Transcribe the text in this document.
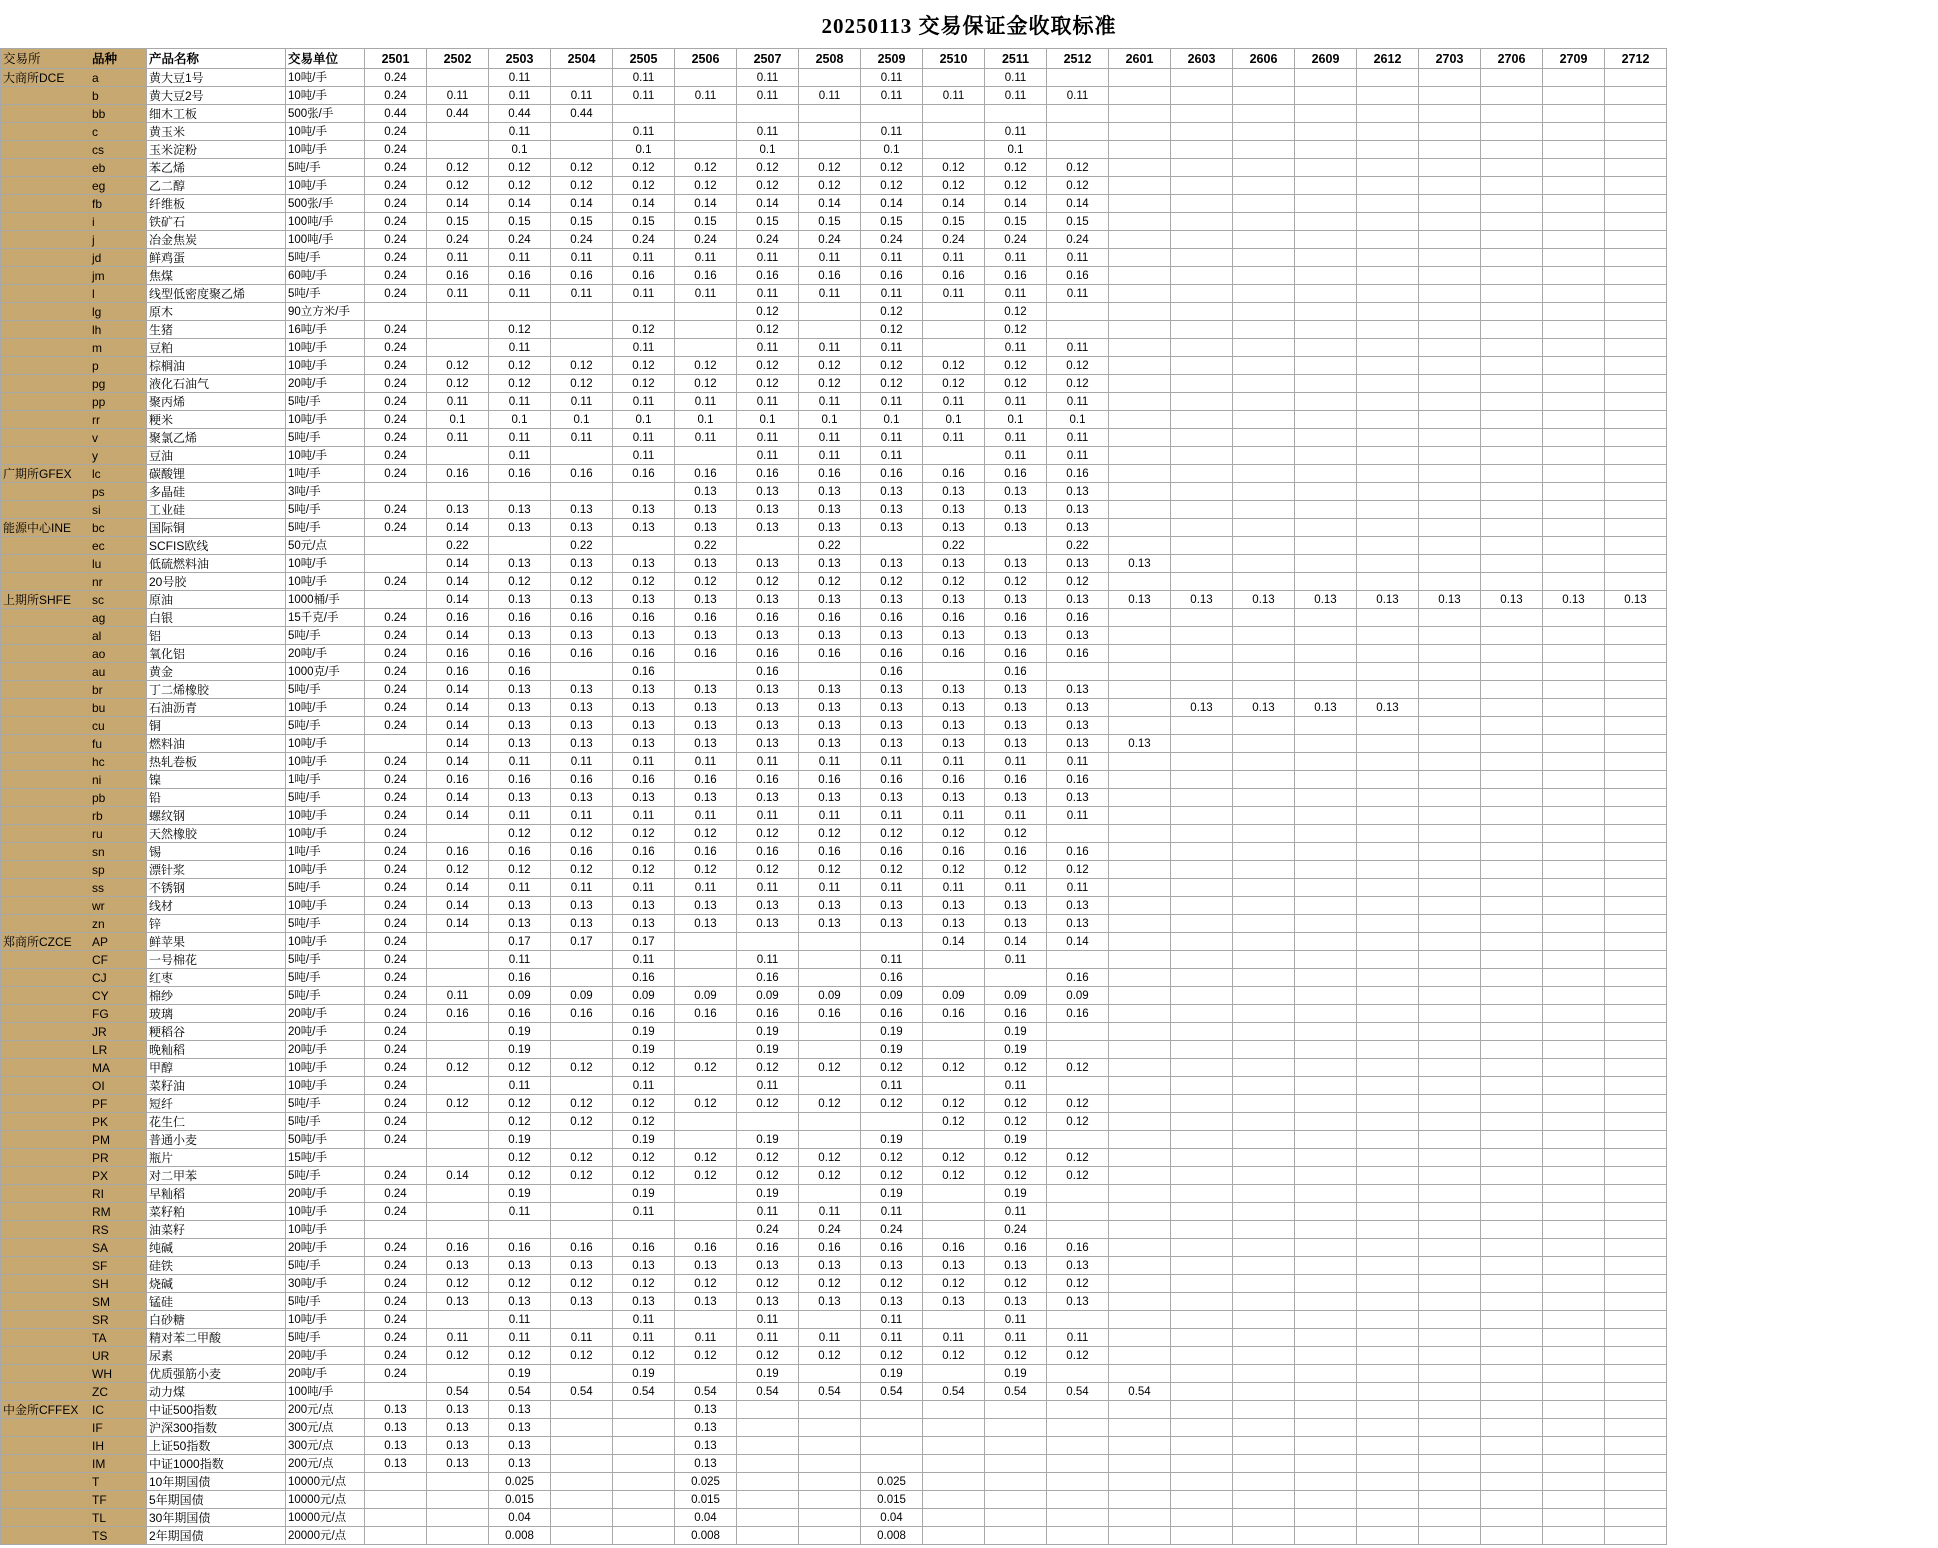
20250113 交易保证金收取标准
交易所	品种	产品名称	交易单位	2501	2502	2503	2504	2505	2506	2507	2508	2509	2510	2511	2512	2601	2603	2606	2609	2612	2703	2706	2709	2712
大商所DCE	a	黄大豆1号	10吨/手	0.24		0.11		0.11		0.11		0.11		0.11										
	b	黄大豆2号	10吨/手	0.24	0.11	0.11	0.11	0.11	0.11	0.11	0.11	0.11	0.11	0.11	0.11									
	bb	细木工板	500张/手	0.44	0.44	0.44	0.44																	
	c	黄玉米	10吨/手	0.24		0.11		0.11		0.11		0.11		0.11										
	cs	玉米淀粉	10吨/手	0.24		0.1		0.1		0.1		0.1		0.1										
	eb	苯乙烯	5吨/手	0.24	0.12	0.12	0.12	0.12	0.12	0.12	0.12	0.12	0.12	0.12	0.12									
	eg	乙二醇	10吨/手	0.24	0.12	0.12	0.12	0.12	0.12	0.12	0.12	0.12	0.12	0.12	0.12									
	fb	纤维板	500张/手	0.24	0.14	0.14	0.14	0.14	0.14	0.14	0.14	0.14	0.14	0.14	0.14									
	i	铁矿石	100吨/手	0.24	0.15	0.15	0.15	0.15	0.15	0.15	0.15	0.15	0.15	0.15	0.15									
	j	冶金焦炭	100吨/手	0.24	0.24	0.24	0.24	0.24	0.24	0.24	0.24	0.24	0.24	0.24	0.24									
	jd	鲜鸡蛋	5吨/手	0.24	0.11	0.11	0.11	0.11	0.11	0.11	0.11	0.11	0.11	0.11	0.11									
	jm	焦煤	60吨/手	0.24	0.16	0.16	0.16	0.16	0.16	0.16	0.16	0.16	0.16	0.16	0.16									
	l	线型低密度聚乙烯	5吨/手	0.24	0.11	0.11	0.11	0.11	0.11	0.11	0.11	0.11	0.11	0.11	0.11									
	lg	原木	90立方米/手							0.12		0.12		0.12										
	lh	生猪	16吨/手	0.24		0.12		0.12		0.12		0.12		0.12										
	m	豆粕	10吨/手	0.24		0.11		0.11		0.11	0.11	0.11		0.11	0.11									
	p	棕榈油	10吨/手	0.24	0.12	0.12	0.12	0.12	0.12	0.12	0.12	0.12	0.12	0.12	0.12									
	pg	液化石油气	20吨/手	0.24	0.12	0.12	0.12	0.12	0.12	0.12	0.12	0.12	0.12	0.12	0.12									
	pp	聚丙烯	5吨/手	0.24	0.11	0.11	0.11	0.11	0.11	0.11	0.11	0.11	0.11	0.11	0.11									
	rr	粳米	10吨/手	0.24	0.1	0.1	0.1	0.1	0.1	0.1	0.1	0.1	0.1	0.1	0.1									
	v	聚氯乙烯	5吨/手	0.24	0.11	0.11	0.11	0.11	0.11	0.11	0.11	0.11	0.11	0.11	0.11									
	y	豆油	10吨/手	0.24		0.11		0.11		0.11	0.11	0.11		0.11	0.11									
广期所GFEX	lc	碳酸锂	1吨/手	0.24	0.16	0.16	0.16	0.16	0.16	0.16	0.16	0.16	0.16	0.16	0.16									
	ps	多晶硅	3吨/手						0.13	0.13	0.13	0.13	0.13	0.13	0.13									
	si	工业硅	5吨/手	0.24	0.13	0.13	0.13	0.13	0.13	0.13	0.13	0.13	0.13	0.13	0.13									
能源中心INE	bc	国际铜	5吨/手	0.24	0.14	0.13	0.13	0.13	0.13	0.13	0.13	0.13	0.13	0.13	0.13									
	ec	SCFIS欧线	50元/点		0.22		0.22		0.22		0.22		0.22		0.22									
	lu	低硫燃料油	10吨/手		0.14	0.13	0.13	0.13	0.13	0.13	0.13	0.13	0.13	0.13	0.13	0.13								
	nr	20号胶	10吨/手	0.24	0.14	0.12	0.12	0.12	0.12	0.12	0.12	0.12	0.12	0.12	0.12									
上期所SHFE	sc	原油	1000桶/手		0.14	0.13	0.13	0.13	0.13	0.13	0.13	0.13	0.13	0.13	0.13	0.13	0.13	0.13	0.13	0.13	0.13	0.13	0.13	0.13
	ag	白银	15千克/手	0.24	0.16	0.16	0.16	0.16	0.16	0.16	0.16	0.16	0.16	0.16	0.16									
	al	铝	5吨/手	0.24	0.14	0.13	0.13	0.13	0.13	0.13	0.13	0.13	0.13	0.13	0.13									
	ao	氧化铝	20吨/手	0.24	0.16	0.16	0.16	0.16	0.16	0.16	0.16	0.16	0.16	0.16	0.16									
	au	黄金	1000克/手	0.24	0.16	0.16		0.16		0.16		0.16		0.16										
	br	丁二烯橡胶	5吨/手	0.24	0.14	0.13	0.13	0.13	0.13	0.13	0.13	0.13	0.13	0.13	0.13									
	bu	石油沥青	10吨/手	0.24	0.14	0.13	0.13	0.13	0.13	0.13	0.13	0.13	0.13	0.13	0.13		0.13	0.13	0.13	0.13				
	cu	铜	5吨/手	0.24	0.14	0.13	0.13	0.13	0.13	0.13	0.13	0.13	0.13	0.13	0.13									
	fu	燃料油	10吨/手		0.14	0.13	0.13	0.13	0.13	0.13	0.13	0.13	0.13	0.13	0.13	0.13								
	hc	热轧卷板	10吨/手	0.24	0.14	0.11	0.11	0.11	0.11	0.11	0.11	0.11	0.11	0.11	0.11									
	ni	镍	1吨/手	0.24	0.16	0.16	0.16	0.16	0.16	0.16	0.16	0.16	0.16	0.16	0.16									
	pb	铅	5吨/手	0.24	0.14	0.13	0.13	0.13	0.13	0.13	0.13	0.13	0.13	0.13	0.13									
	rb	螺纹钢	10吨/手	0.24	0.14	0.11	0.11	0.11	0.11	0.11	0.11	0.11	0.11	0.11	0.11									
	ru	天然橡胶	10吨/手	0.24		0.12	0.12	0.12	0.12	0.12	0.12	0.12	0.12	0.12										
	sn	锡	1吨/手	0.24	0.16	0.16	0.16	0.16	0.16	0.16	0.16	0.16	0.16	0.16	0.16									
	sp	漂针浆	10吨/手	0.24	0.12	0.12	0.12	0.12	0.12	0.12	0.12	0.12	0.12	0.12	0.12									
	ss	不锈钢	5吨/手	0.24	0.14	0.11	0.11	0.11	0.11	0.11	0.11	0.11	0.11	0.11	0.11									
	wr	线材	10吨/手	0.24	0.14	0.13	0.13	0.13	0.13	0.13	0.13	0.13	0.13	0.13	0.13									
	zn	锌	5吨/手	0.24	0.14	0.13	0.13	0.13	0.13	0.13	0.13	0.13	0.13	0.13	0.13									
郑商所CZCE	AP	鲜苹果	10吨/手	0.24		0.17	0.17	0.17					0.14	0.14	0.14									
	CF	一号棉花	5吨/手	0.24		0.11		0.11		0.11		0.11		0.11										
	CJ	红枣	5吨/手	0.24		0.16		0.16		0.16		0.16			0.16									
	CY	棉纱	5吨/手	0.24	0.11	0.09	0.09	0.09	0.09	0.09	0.09	0.09	0.09	0.09	0.09									
	FG	玻璃	20吨/手	0.24	0.16	0.16	0.16	0.16	0.16	0.16	0.16	0.16	0.16	0.16	0.16									
	JR	粳稻谷	20吨/手	0.24		0.19		0.19		0.19		0.19		0.19										
	LR	晚籼稻	20吨/手	0.24		0.19		0.19		0.19		0.19		0.19										
	MA	甲醇	10吨/手	0.24	0.12	0.12	0.12	0.12	0.12	0.12	0.12	0.12	0.12	0.12	0.12									
	OI	菜籽油	10吨/手	0.24		0.11		0.11		0.11		0.11		0.11										
	PF	短纤	5吨/手	0.24	0.12	0.12	0.12	0.12	0.12	0.12	0.12	0.12	0.12	0.12	0.12									
	PK	花生仁	5吨/手	0.24		0.12	0.12	0.12					0.12	0.12	0.12									
	PM	普通小麦	50吨/手	0.24		0.19		0.19		0.19		0.19		0.19										
	PR	瓶片	15吨/手			0.12	0.12	0.12	0.12	0.12	0.12	0.12	0.12	0.12	0.12									
	PX	对二甲苯	5吨/手	0.24	0.14	0.12	0.12	0.12	0.12	0.12	0.12	0.12	0.12	0.12	0.12									
	RI	早籼稻	20吨/手	0.24		0.19		0.19		0.19		0.19		0.19										
	RM	菜籽粕	10吨/手	0.24		0.11		0.11		0.11	0.11	0.11		0.11										
	RS	油菜籽	10吨/手							0.24	0.24	0.24		0.24										
	SA	纯碱	20吨/手	0.24	0.16	0.16	0.16	0.16	0.16	0.16	0.16	0.16	0.16	0.16	0.16									
	SF	硅铁	5吨/手	0.24	0.13	0.13	0.13	0.13	0.13	0.13	0.13	0.13	0.13	0.13	0.13									
	SH	烧碱	30吨/手	0.24	0.12	0.12	0.12	0.12	0.12	0.12	0.12	0.12	0.12	0.12	0.12									
	SM	锰硅	5吨/手	0.24	0.13	0.13	0.13	0.13	0.13	0.13	0.13	0.13	0.13	0.13	0.13									
	SR	白砂糖	10吨/手	0.24		0.11		0.11		0.11		0.11		0.11										
	TA	精对苯二甲酸	5吨/手	0.24	0.11	0.11	0.11	0.11	0.11	0.11	0.11	0.11	0.11	0.11	0.11									
	UR	尿素	20吨/手	0.24	0.12	0.12	0.12	0.12	0.12	0.12	0.12	0.12	0.12	0.12	0.12									
	WH	优质强筋小麦	20吨/手	0.24		0.19		0.19		0.19		0.19		0.19										
	ZC	动力煤	100吨/手		0.54	0.54	0.54	0.54	0.54	0.54	0.54	0.54	0.54	0.54	0.54	0.54								
中金所CFFEX	IC	中证500指数	200元/点	0.13	0.13	0.13			0.13															
	IF	沪深300指数	300元/点	0.13	0.13	0.13			0.13															
	IH	上证50指数	300元/点	0.13	0.13	0.13			0.13															
	IM	中证1000指数	200元/点	0.13	0.13	0.13			0.13															
	T	10年期国债	10000元/点			0.025			0.025			0.025												
	TF	5年期国债	10000元/点			0.015			0.015			0.015												
	TL	30年期国债	10000元/点			0.04			0.04			0.04												
	TS	2年期国债	20000元/点			0.008			0.008			0.008												
